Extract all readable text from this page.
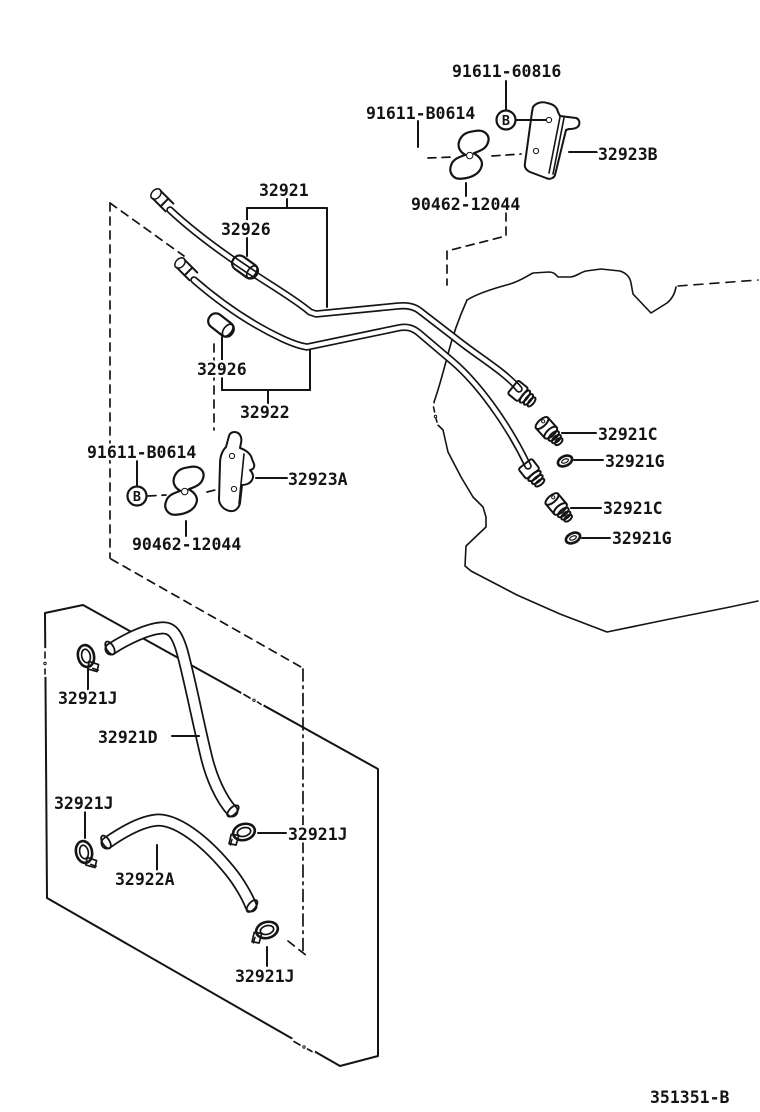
B
B
91611-60816
91611-B0614
32923B
90462-12044
32921
32926
32926
32922
91611-B0614
32923A
90462-12044
32921C
32921G
32921C
32921G
32921J
32921D
32921J
32921J
32922A
32921J
351351-B
